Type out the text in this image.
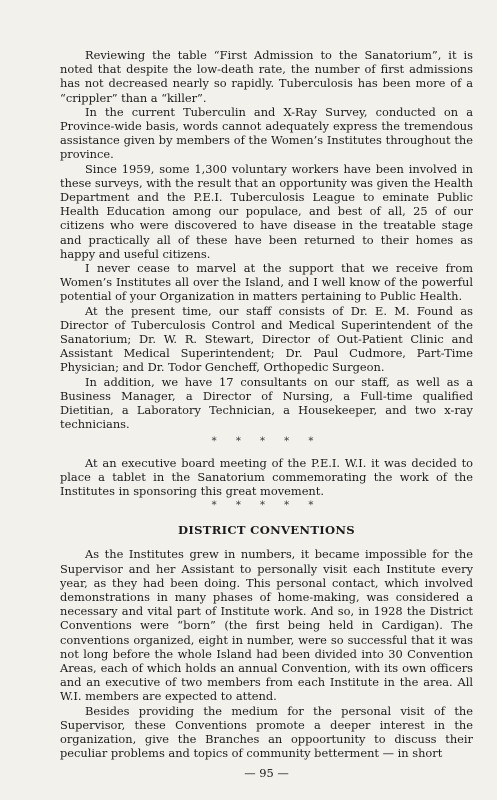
Reviewing the table “First Admission to the Sanatorium”, it is noted that despite the low-death rate, the number of first admissions has not decreased nearly so rapidly. Tuberculosis has been more of a “crippler” than a “killer”.

In the current Tuberculin and X-Ray Survey, conducted on a Province-wide basis, words cannot adequately express the tremendous assistance given by members of the Women’s Institutes throughout the province.

Since 1959, some 1,300 voluntary workers have been involved in these surveys, with the result that an opportunity was given the Health Department and the P.E.I. Tuberculosis League to eminate Public Health Education among our populace, and best of all, 25 of our citizens who were discovered to have disease in the treatable stage and practically all of these have been returned to their homes as happy and useful citizens.

I never cease to marvel at the support that we receive from Women’s Institutes all over the Island, and I well know of the powerful potential of your Organization in matters pertaining to Public Health.

At the present time, our staff consists of Dr. E. M. Found as Director of Tuberculosis Control and Medical Superintendent of the Sanatorium; Dr. W. R. Stewart, Director of Out-Patient Clinic and Assistant Medical Superintendent; Dr. Paul Cudmore, Part-Time Physician; and Dr. Todor Gencheff, Orthopedic Surgeon.

In addition, we have 17 consultants on our staff, as well as a Business Manager, a Director of Nursing, a Full-time qualified Dietitian, a Laboratory Technician, a Housekeeper, and two x-ray technicians.

* * * * *

At an executive board meeting of the P.E.I. W.I. it was decided to place a tablet in the Sanatorium commemorating the work of the Institutes in sponsoring this great movement.

* * * * *
DISTRICT CONVENTIONS

As the Institutes grew in numbers, it became impossible for the Supervisor and her Assistant to personally visit each Institute every year, as they had been doing. This personal contact, which involved demonstrations in many phases of home-making, was considered a necessary and vital part of Institute work. And so, in 1928 the District Conventions were “born” (the first being held in Cardigan). The conventions organized, eight in number, were so successful that it was not long before the whole Island had been divided into 30 Convention Areas, each of which holds an annual Convention, with its own officers and an executive of two members from each Institute in the area. All W.I. members are expected to attend.

Besides providing the medium for the personal visit of the Supervisor, these Conventions promote a deeper interest in the organization, give the Branches an oppoortunity to discuss their peculiar problems and topics of community betterment — in short

— 95 —
